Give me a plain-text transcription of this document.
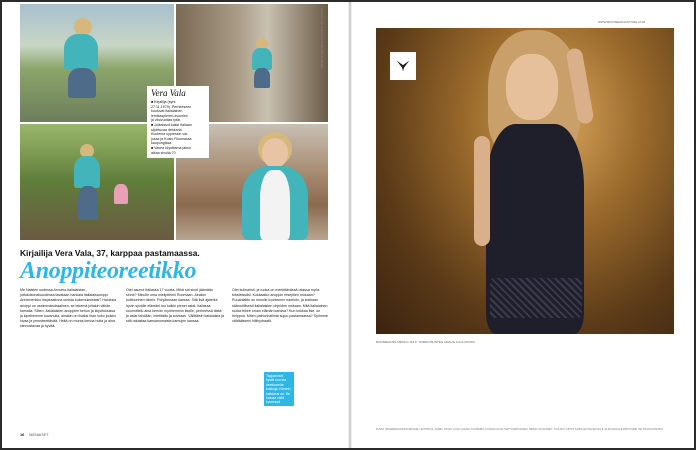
Vera Vala
■ Kirjailija (synt.
27.11.1979). Perheeseen
kuuluvat italialainen
lemikaspiereri-avomies
ja viisivuotias tytär.
■ Julkaissut kaksi Italiaan
sijoittuvaa dekkaria
Kuolema sypressin var-
jossa ja Kosto Roomassa
kaupungissa.
■ Vasea kirjoittama jakso
alkaa sivulla 70.
KUVAT LEHTIKUVA/TEKIJÄN ALBUMI
Kirjailija Vera Vala, 37, karppaa pastamaassa.
Anoppiteoreetikko
Me Naisten uudessa Arvoero-italialaistan -juttukokonaisuudessa tavataan hankala italialaisanoppi. Annemerikko inspiraationa omista kokemuksistasi? Haluksia anoppi on useimmaisdraalinen, se tekemä joitakin vähän kamalia. Sitten, italialaisten anoppien kehon ja kirjoituksissa ja kipeikemme kuvanulla, ainakin on lisäksi ihan koko joukko kivaa ja ymmärrettävää. Heitä on monta kertoa hoita ja aina kiinnostavaa ja hyvää.
Olet asunut Italiassa 17 vuotta. Mikä sai sinut jäämään sinne? Minulle oma mielipiteeni Roomaan. Ainakin kulttuurinen oikein. Pohjanmaan kanssa. Sitä lisä ajatellut hyvin syvälle elämäni tuo kaikki pienet asiat. Italiassa suunnittelu aina kerroin myöhemmin itselle, perheessä tästä ja asiat tehdään, mietitään ja sovitaan. Välittäisin italialaisia ja sitä rakastaa kansanomaista kamujen kanssa.
Olet kulinaristi, ja ruoka on merkittävässä osassa myös teksteissäsi. Kokkaatko anoppin reseptien mukaan? Ruuanlaitto on minulle luonteinen nautinto, ja kokkaan säännöllisesti italialaisten ohjeiden mukaan. Mitä italialainen ruoka tekee oman elämän kanssa? Kun kokkaa itse, on helppoa. Miten painonhallinta sujuu pastamaassa? Syömme välttääkseni hiilihydraatit.
Tappamiset hyvät nuo laa deekkareita kukkoja. Kiintein kaikkeus on. Se haluaa vielä kyseessä vapaus.
16 MENAISET
WWW.BOOMERANGSTORE.COM
BOOMERANG MEKKO 119 €. SOREN BUNTEN AMALIE KAULAKORU
KUVAT: IMAGEBANK/KEKSI/ANIQUE, LEHTIKUVA, TAMMI, OTAVA, KUVA: ALEKSI TUOMINEN, KOLMAS KUVA: MATTI MATIKAINEN, MEIKKI JA HIUKSET: TUULIKKI, KIITOS KAIKILLE KOLLEGOILLE JA KUVAAJILLE ERITYISESTI MYÖS ASUSTEISIIN.
